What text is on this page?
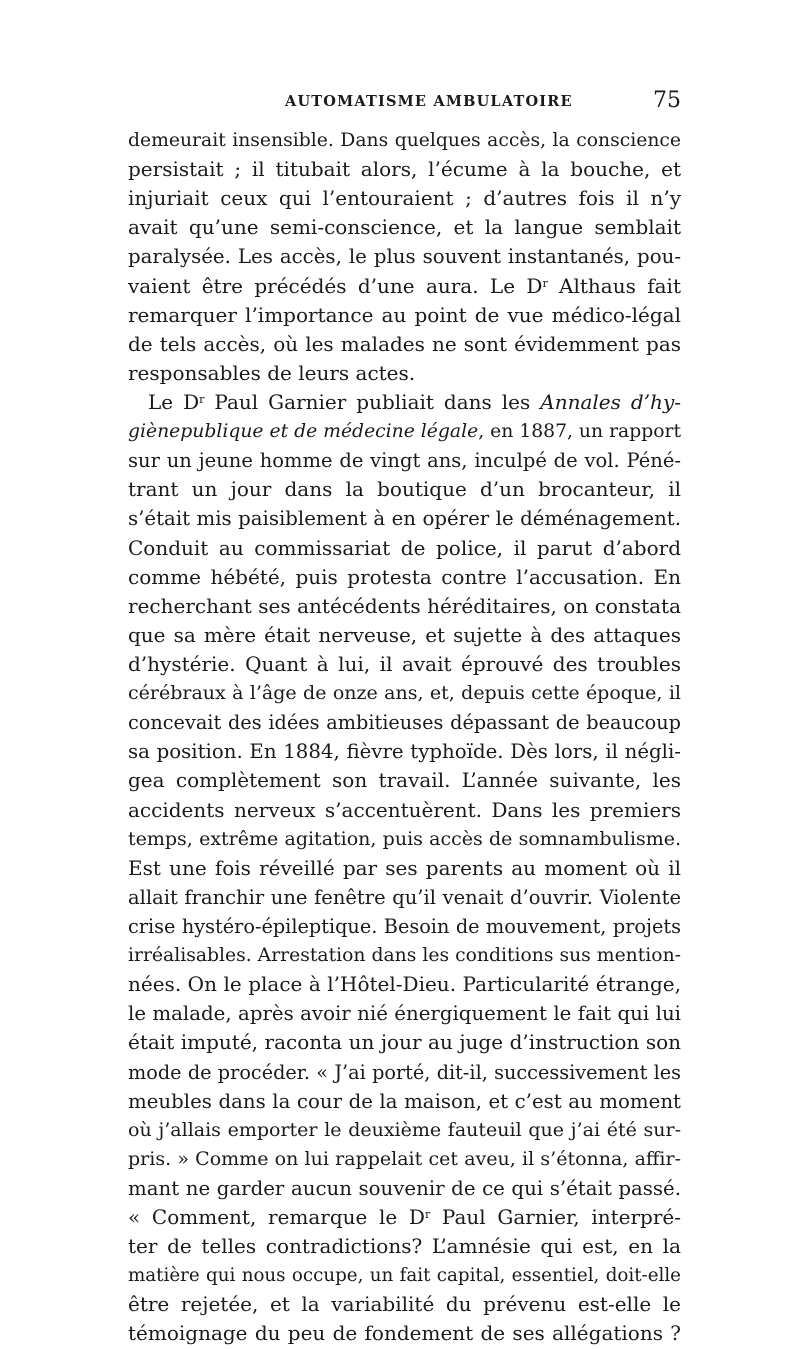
AUTOMATISME AMBULATOIRE	75
demeurait insensible. Dans quelques accès, la conscience
persistait ; il titubait alors, l’écume à la bouche, et
injuriait ceux qui l’entouraient ; d’autres fois il n’y
avait qu’une semi-conscience, et la langue semblait
paralysée. Les accès, le plus souvent instantanés, pou-
vaient être précédés d’une aura. Le $D^r$ Althaus fait
remarquer l’importance au point de vue médico-légal
de tels accès, où les malades ne sont évidemment pas
responsables de leurs actes.
Le $D^r$ Paul Garnier publiait dans les Annales d’hy-
giènepublique et de médecine légale, en 1887, un rapport
sur un jeune homme de vingt ans, inculpé de vol. Péné-
trant un jour dans la boutique d’un brocanteur, il
s’était mis paisiblement à en opérer le déménagement.
Conduit au commissariat de police, il parut d’abord
comme hébété, puis protesta contre l’accusation. En
recherchant ses antécédents héréditaires, on constata
que sa mère était nerveuse, et sujette à des attaques
d’hystérie. Quant à lui, il avait éprouvé des troubles
cérébraux à l’âge de onze ans, et, depuis cette époque, il
concevait des idées ambitieuses dépassant de beaucoup
sa position. En 1884, fièvre typhoïde. Dès lors, il négli-
gea complètement son travail. L’année suivante, les
accidents nerveux s’accentuèrent. Dans les premiers
temps, extrême agitation, puis accès de somnambulisme.
Est une fois réveillé par ses parents au moment où il
allait franchir une fenêtre qu’il venait d’ouvrir. Violente
crise hystéro-épileptique. Besoin de mouvement, projets
irréalisables. Arrestation dans les conditions sus mention-
nées. On le place à l’Hôtel-Dieu. Particularité étrange,
le malade, après avoir nié énergiquement le fait qui lui
était imputé, raconta un jour au juge d’instruction son
mode de procéder. « J’ai porté, dit-il, successivement les
meubles dans la cour de la maison, et c’est au moment
où j’allais emporter le deuxième fauteuil que j’ai été sur-
pris. » Comme on lui rappelait cet aveu, il s’étonna, affir-
mant ne garder aucun souvenir de ce qui s’était passé.
« Comment, remarque le $D^r$ Paul Garnier, interpré-
ter de telles contradictions? L’amnésie qui est, en la
matière qui nous occupe, un fait capital, essentiel, doit-elle
être rejetée, et la variabilité du prévenu est-elle le
témoignage du peu de fondement de ses allégations ?
